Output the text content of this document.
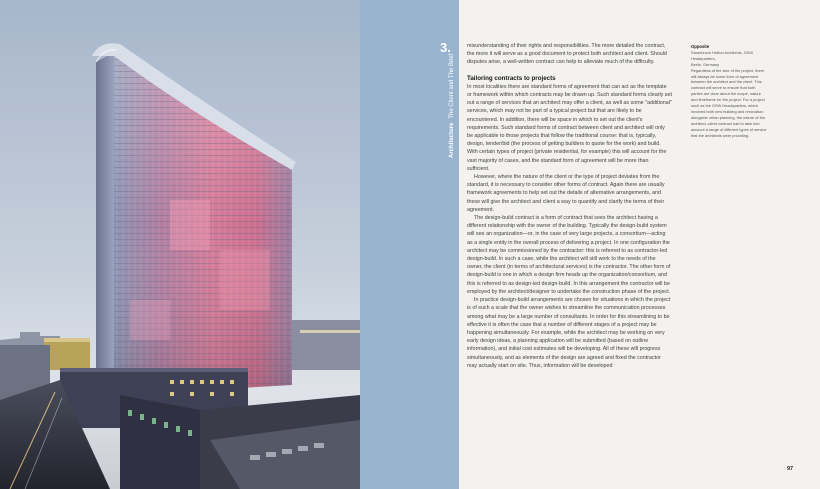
3.
ArchitectureThe Client and The Brief

misunderstanding of their rights and responsibilities. The more detailed the contract, the more it will serve as a good document to protect both architect and client. Should disputes arise, a well-written contract can help to alleviate much of the difficulty.

Tailoring contracts to projects

In most localities there are standard forms of agreement that can act as the template or framework within which contracts may be drawn up. Such standard forms clearly set out a range of services that an architect may offer a client, as well as some "additional" services, which may not be part of a typical project but that are likely to be encountered. In addition, there will be space in which to set out the client's requirements. Such standard forms of contract between client and architect will only be applicable to those projects that follow the traditional course: that is, typically, design, tender/bid (the process of getting builders to quote for the work) and build. With certain types of project (private residential, for example) this will account for the vast majority of cases, and the standard form of agreement will be more than sufficient.

However, where the nature of the client or the type of project deviates from the standard, it is necessary to consider other forms of contract. Again there are usually framework agreements to help set out the details of alternative arrangements, and these will give the architect and client a way to quantify and clarify the terms of their agreement.

The design-build contract is a form of contract that sees the architect having a different relationship with the owner of the building. Typically the design-build system will see an organization—or, in the case of very large projects, a consortium—acting as a single entity in the overall process of delivering a project. In one configuration the architect may be commissioned by the contractor: this is referred to as contractor-led design-build. In such a case, while the architect will still work to the needs of the owner, the client (in terms of architectural services) is the contractor. The other form of design-build is one in which a design firm heads up the organization/consortium, and this is referred to as design-led design-build. In this arrangement the contractor will be employed by the architect/designer to undertake the construction phase of the project.

In practice design-build arrangements are chosen for situations in which the project is of such a scale that the owner wishes to streamline the communication processes among what may be a large number of consultants. In order for this streamlining to be effective it is often the case that a number of different stages of a project may be happening simultaneously. For example, while the architect may be working on very early design ideas, a planning application will be submitted (based on outline information), and initial cost estimates will be developing. All of these will progress simultaneously, and as elements of the design are agreed and fixed the contractor may actually start on site. Thus, information will be developed

Opposite
Sauerbruch Hutton Architects, GSW Headquarters,
Berlin, Germany
Regardless of the size of the project, there will always be some form of agreement between the architect and the client. This contract will serve to ensure that both parties are clear about the scope, nature and timeframe for the project. For a project such as the GSW Headquarters, which involved both new building and renovation alongside urban planning, the nature of the architect–client contract had to take into account a range of different types of service that the architects were providing.
97
